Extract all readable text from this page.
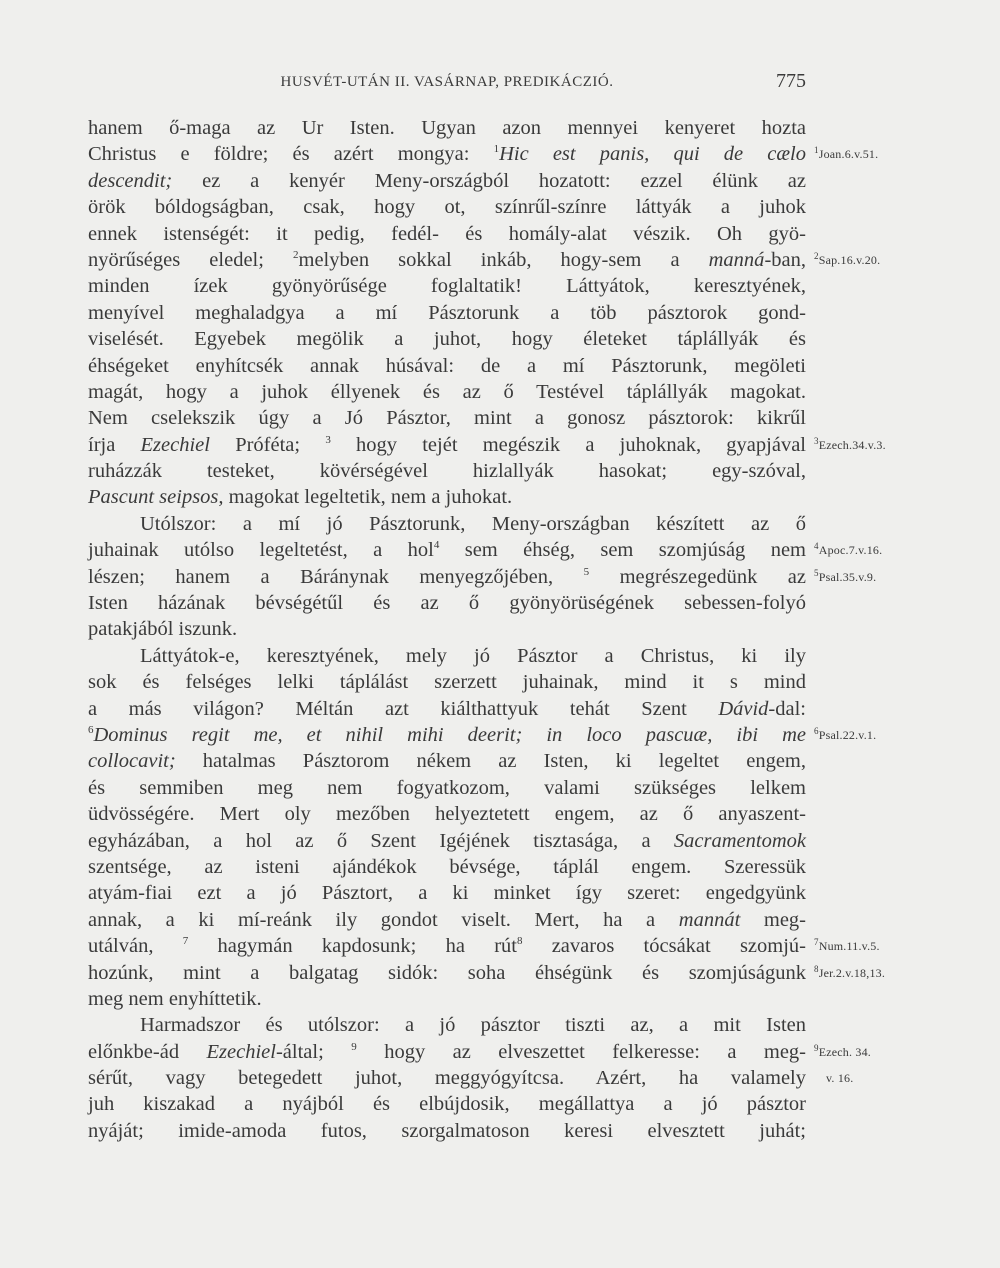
HUSVÉT-UTÁN II. VASÁRNAP, PREDIKÁCZIÓ.	775
hanem ő-maga az Ur Isten. Ugyan azon mennyei kenyeret hozta
Christus e földre; és azért mongya: $^1$Hic est panis, qui de cælo
descendit; ez a kenyér Meny-országból hozatott: ezzel élünk az
örök bóldogságban, csak, hogy ot, színrűl-színre láttyák a juhok
ennek istenségét: it pedig, fedél- és homály-alat vészik. Oh gyö-
nyörűséges eledel; $^2$melyben sokkal inkáb, hogy-sem a manná-ban,
minden ízek gyönyörűsége foglaltatik! Láttyátok, keresztyének,
menyível meghaladgya a mí Pásztorunk a töb pásztorok gond-
viselését. Egyebek megölik a juhot, hogy életeket táplállyák és
éhségeket enyhítcsék annak húsával: de a mí Pásztorunk, megöleti
magát, hogy a juhok éllyenek és az ő Testével táplállyák magokat.
Nem cselekszik úgy a Jó Pásztor, mint a gonosz pásztorok: kikrűl
írja Ezechiel Próféta; $^3$ hogy tejét megészik a juhoknak, gyapjával
ruházzák testeket, kövérségével hizlallyák hasokat; egy-szóval,
Pascunt seipsos, magokat legeltetik, nem a juhokat.
Utólszor: a mí jó Pásztorunk, Meny-országban készített az ő
juhainak utólso legeltetést, a hol$^4$ sem éhség, sem szomjúság nem
lészen; hanem a Báránynak menyegzőjében, $^5$ megrészegedünk az
Isten házának bévségétűl és az ő gyönyörüségének sebessen-folyó
patakjából iszunk.
Láttyátok-e, keresztyének, mely jó Pásztor a Christus, ki ily
sok és felséges lelki táplálást szerzett juhainak, mind it s mind
a más világon? Méltán azt kiálthattyuk tehát Szent Dávid-dal:
$^6$Dominus regit me, et nihil mihi deerit; in loco pascuæ, ibi me
collocavit; hatalmas Pásztorom nékem az Isten, ki legeltet engem,
és semmiben meg nem fogyatkozom, valami szükséges lelkem
üdvösségére. Mert oly mezőben helyeztetett engem, az ő anyaszent-
egyházában, a hol az ő Szent Igéjének tisztasága, a Sacramentomok
szentsége, az isteni ajándékok bévsége, táplál engem. Szeressük
atyám-fiai ezt a jó Pásztort, a ki minket így szeret: engedgyünk
annak, a ki mí-reánk ily gondot viselt. Mert, ha a mannát meg-
utálván, $^7$ hagymán kapdosunk; ha rút$^8$ zavaros tócsákat szomjú-
hozúnk, mint a balgatag sidók: soha éhségünk és szomjúságunk
meg nem enyhíttetik.
Harmadszor és utólszor: a jó pásztor tiszti az, a mit Isten
előnkbe-ád Ezechiel-által; $^9$ hogy az elveszettet felkeresse: a meg-
sérűt, vagy betegedett juhot, meggyógyítcsa. Azért, ha valamely
juh kiszakad a nyájból és elbújdosik, megállattya a jó pásztor
nyáját; imide-amoda futos, szorgalmatoson keresi elvesztett juhát;
$^1$Joan.6.v.51.
$^2$Sap.16.v.20.
$^3$Ezech.34.v.3.
$^4$Apoc.7.v.16.
$^5$Psal.35.v.9.
$^6$Psal.22.v.1.
$^7$Num.11.v.5.
$^8$Jer.2.v.18,13.
$^9$Ezech. 34.
v. 16.
